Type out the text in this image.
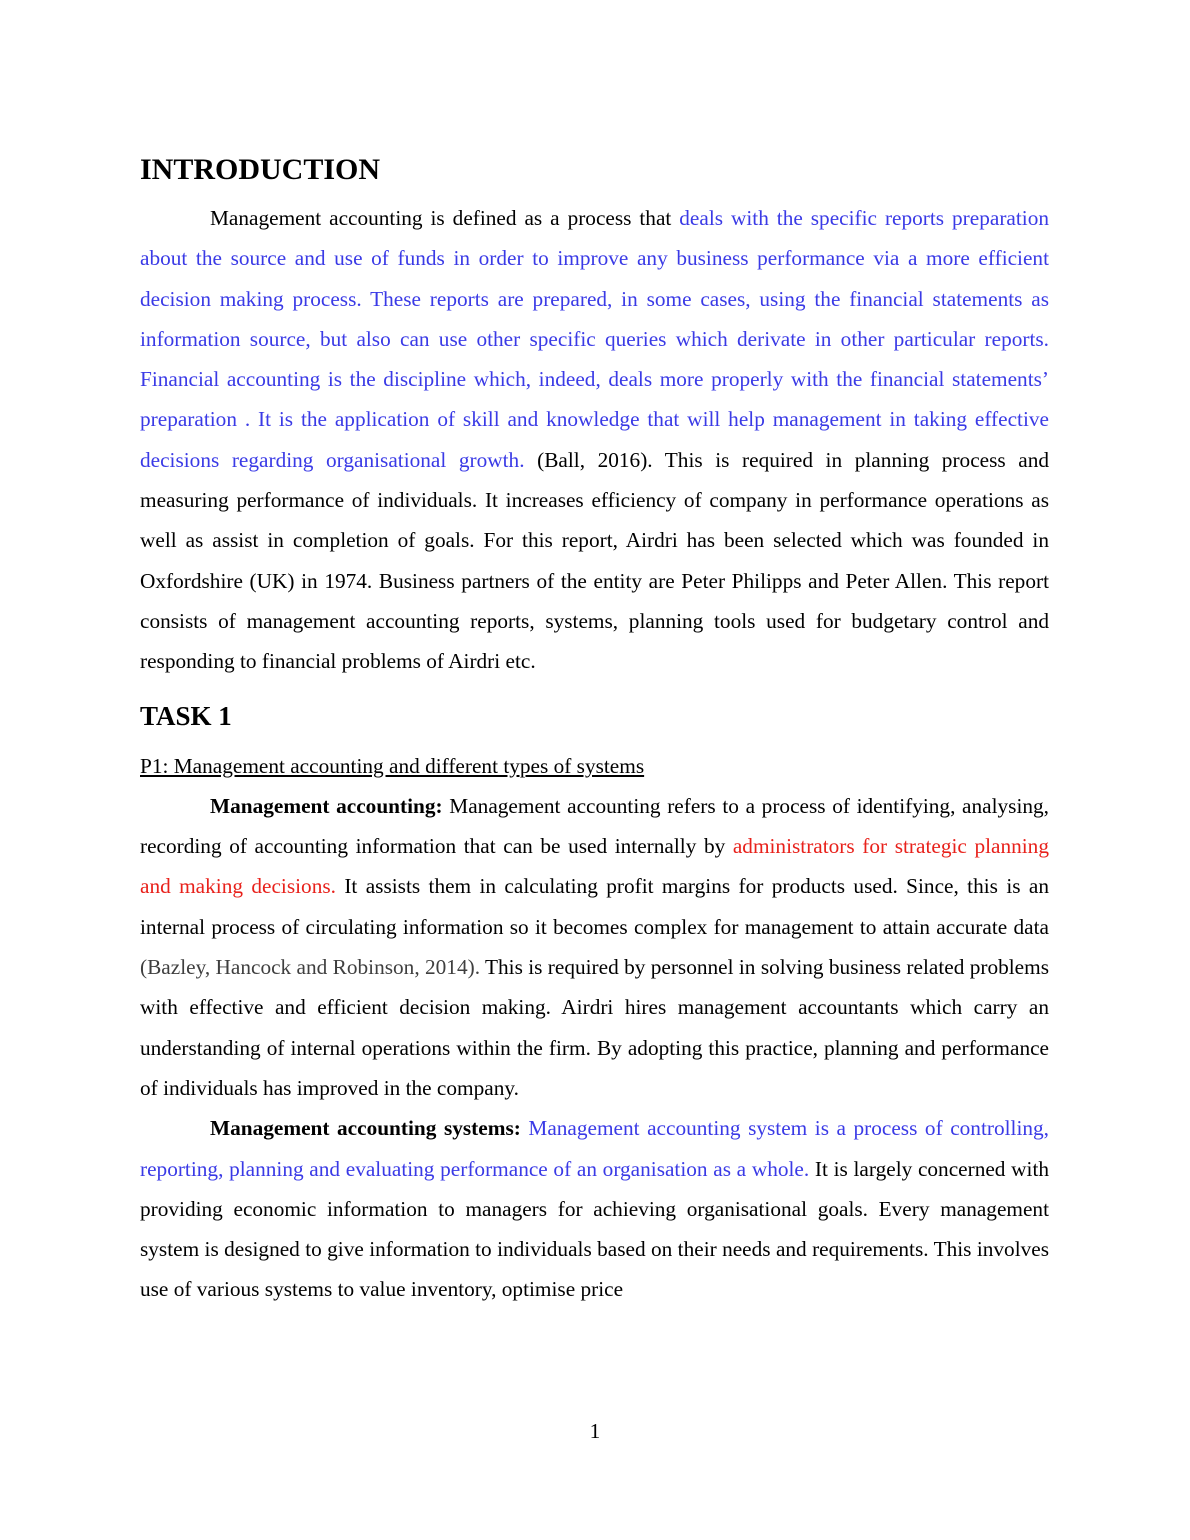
INTRODUCTION

Management accounting is defined as a process that deals with the specific reports preparation about the source and use of funds in order to improve any business performance via a more efficient decision making process. These reports are prepared, in some cases, using the financial statements as information source, but also can use other specific queries which derivate in other particular reports. Financial accounting is the discipline which, indeed, deals more properly with the financial statements’ preparation . It is the application of skill and knowledge that will help management in taking effective decisions regarding organisational growth. (Ball, 2016). This is required in planning process and measuring performance of individuals. It increases efficiency of company in performance operations as well as assist in completion of goals. For this report, Airdri has been selected which was founded in Oxfordshire (UK) in 1974. Business partners of the entity are Peter Philipps and Peter Allen. This report consists of management accounting reports, systems, planning tools used for budgetary control and responding to financial problems of Airdri etc.

TASK 1

P1: Management accounting and different types of systems

Management accounting: Management accounting refers to a process of identifying, analysing, recording of accounting information that can be used internally by administrators for strategic planning and making decisions. It assists them in calculating profit margins for products used. Since, this is an internal process of circulating information so it becomes complex for management to attain accurate data (Bazley, Hancock and Robinson, 2014). This is required by personnel in solving business related problems with effective and efficient decision making. Airdri hires management accountants which carry an understanding of internal operations within the firm. By adopting this practice, planning and performance of individuals has improved in the company.

Management accounting systems: Management accounting system is a process of controlling, reporting, planning and evaluating performance of an organisation as a whole. It is largely concerned with providing economic information to managers for achieving organisational goals. Every management system is designed to give information to individuals based on their needs and requirements. This involves use of various systems to value inventory, optimise price

1
